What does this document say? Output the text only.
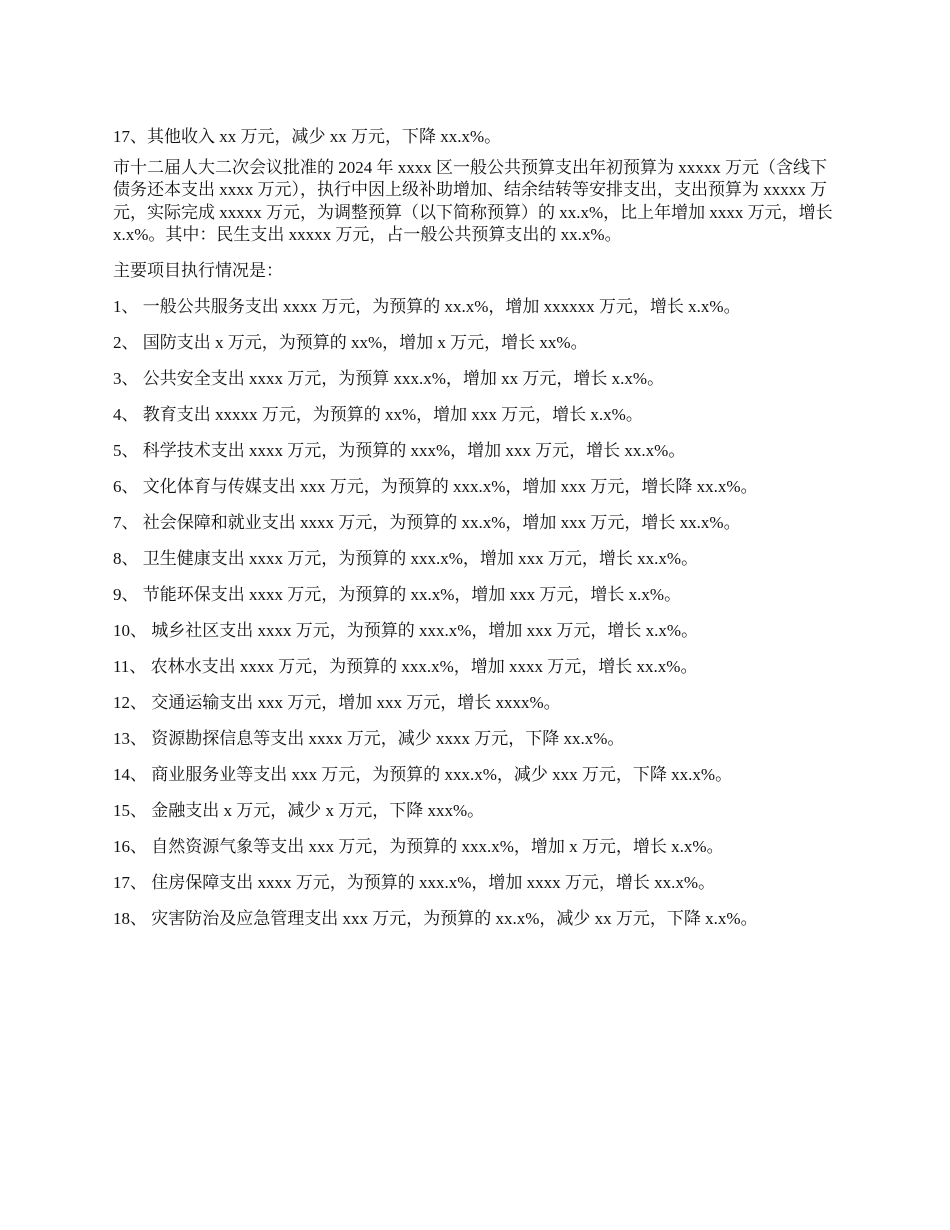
17、其他收入 xx 万元，减少 xx 万元，下降 xx.x%。

市十二届人大二次会议批准的 2024 年 xxxx 区一般公共预算支出年初预算为 xxxxx 万元（含线下债务还本支出 xxxx 万元），执行中因上级补助增加、结余结转等安排支出，支出预算为 xxxxx 万元，实际完成 xxxxx 万元，为调整预算（以下简称预算）的 xx.x%，比上年增加 xxxx 万元，增长 x.x%。其中：民生支出 xxxxx 万元，占一般公共预算支出的 xx.x%。

主要项目执行情况是：

1、 一般公共服务支出 xxxx 万元，为预算的 xx.x%，增加 xxxxxx 万元，增长 x.x%。

2、 国防支出 x 万元，为预算的 xx%，增加 x 万元，增长 xx%。

3、 公共安全支出 xxxx 万元，为预算 xxx.x%，增加 xx 万元，增长 x.x%。

4、 教育支出 xxxxx 万元，为预算的 xx%，增加 xxx 万元，增长 x.x%。

5、 科学技术支出 xxxx 万元，为预算的 xxx%，增加 xxx 万元，增长 xx.x%。

6、 文化体育与传媒支出 xxx 万元，为预算的 xxx.x%，增加 xxx 万元，增长降 xx.x%。

7、 社会保障和就业支出 xxxx 万元，为预算的 xx.x%，增加 xxx 万元，增长 xx.x%。

8、 卫生健康支出 xxxx 万元，为预算的 xxx.x%，增加 xxx 万元，增长 xx.x%。

9、 节能环保支出 xxxx 万元，为预算的 xx.x%，增加 xxx 万元，增长 x.x%。

10、 城乡社区支出 xxxx 万元，为预算的 xxx.x%，增加 xxx 万元，增长 x.x%。

11、 农林水支出 xxxx 万元，为预算的 xxx.x%，增加 xxxx 万元，增长 xx.x%。

12、 交通运输支出 xxx 万元，增加 xxx 万元，增长 xxxx%。

13、 资源勘探信息等支出 xxxx 万元，减少 xxxx 万元，下降 xx.x%。

14、 商业服务业等支出 xxx 万元，为预算的 xxx.x%，减少 xxx 万元，下降 xx.x%。

15、 金融支出 x 万元，减少 x 万元，下降 xxx%。

16、 自然资源气象等支出 xxx 万元，为预算的 xxx.x%，增加 x 万元，增长 x.x%。

17、 住房保障支出 xxxx 万元，为预算的 xxx.x%，增加 xxxx 万元，增长 xx.x%。

18、 灾害防治及应急管理支出 xxx 万元，为预算的 xx.x%，减少 xx 万元，下降 x.x%。
